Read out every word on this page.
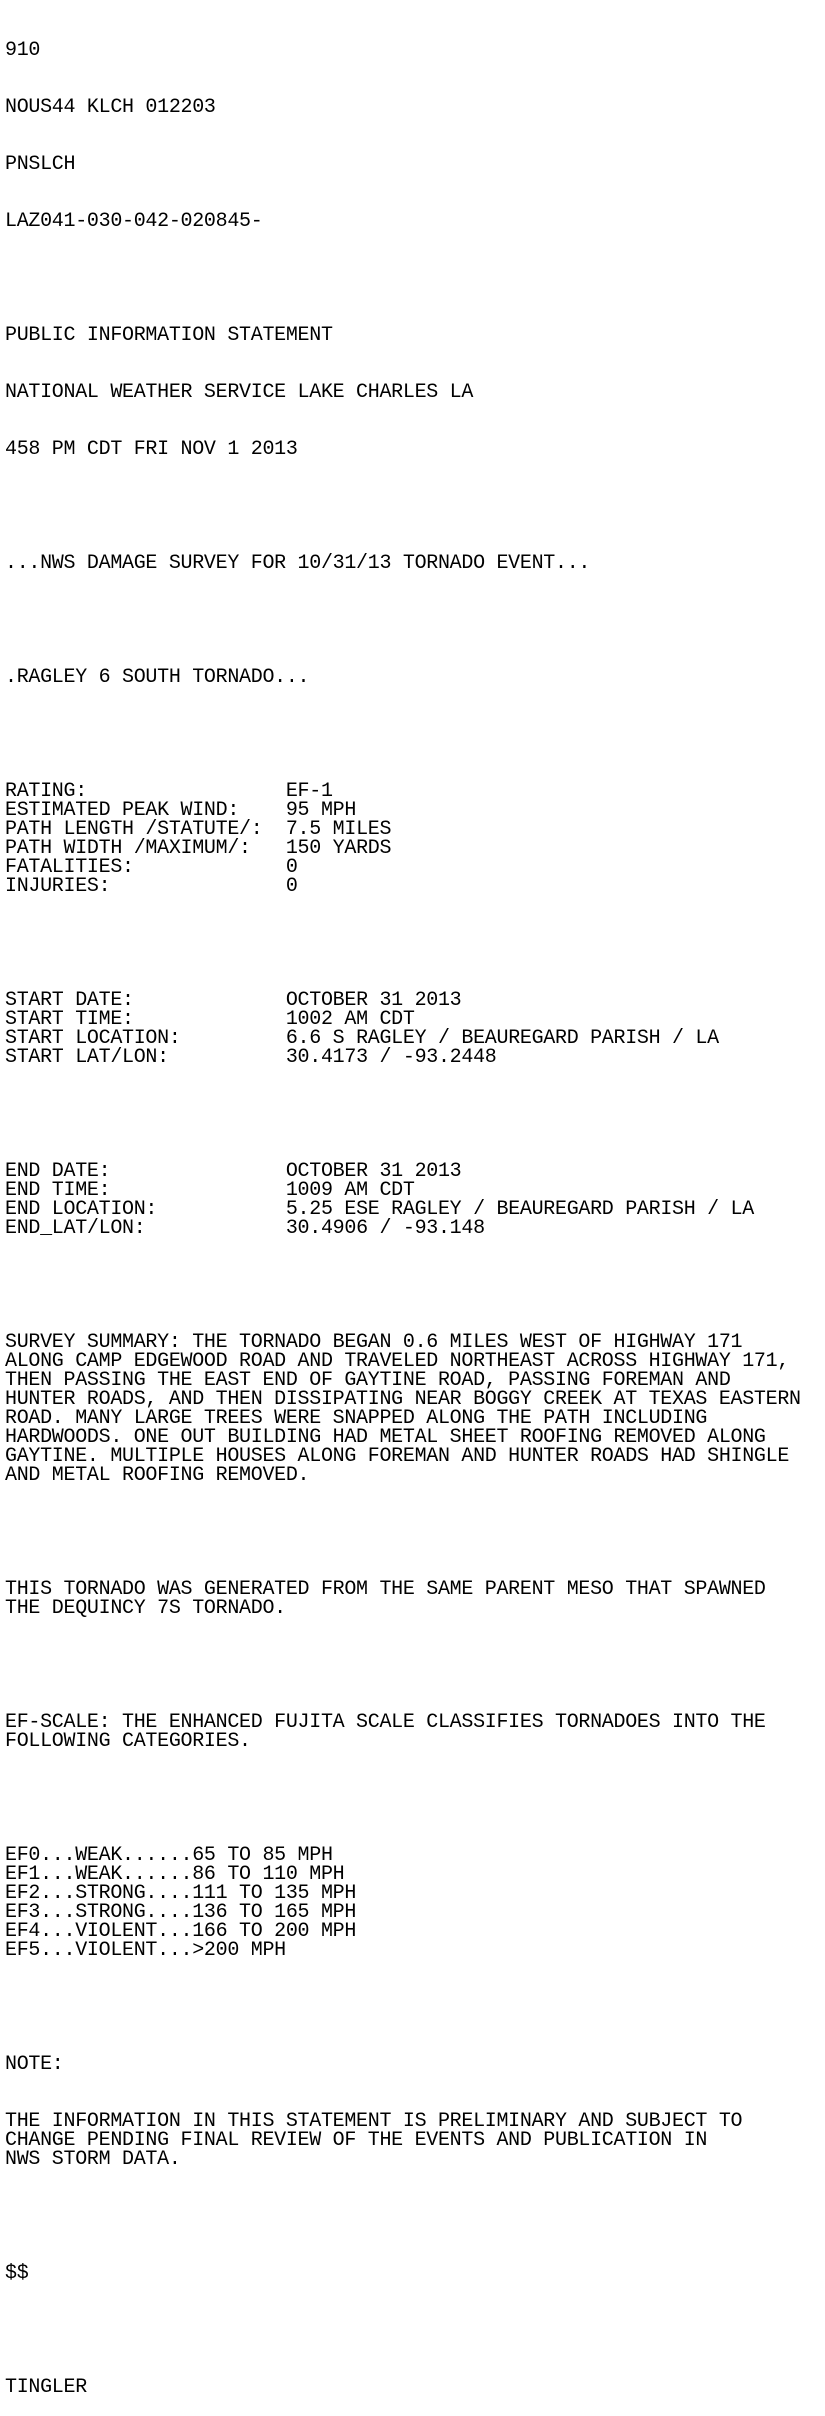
910

NOUS44 KLCH 012203

PNSLCH

LAZ041-030-042-020845-

PUBLIC INFORMATION STATEMENT

NATIONAL WEATHER SERVICE LAKE CHARLES LA

458 PM CDT FRI NOV 1 2013

...NWS DAMAGE SURVEY FOR 10/31/13 TORNADO EVENT...

.RAGLEY 6 SOUTH TORNADO...

RATING:                 EF-1
ESTIMATED PEAK WIND:    95 MPH
PATH LENGTH /STATUTE/:  7.5 MILES
PATH WIDTH /MAXIMUM/:   150 YARDS
FATALITIES:             0
INJURIES:               0

START DATE:             OCTOBER 31 2013
START TIME:             1002 AM CDT
START LOCATION:         6.6 S RAGLEY / BEAUREGARD PARISH / LA
START LAT/LON:          30.4173 / -93.2448

END DATE:               OCTOBER 31 2013
END TIME:               1009 AM CDT
END LOCATION:           5.25 ESE RAGLEY / BEAUREGARD PARISH / LA
END_LAT/LON:            30.4906 / -93.148

SURVEY SUMMARY: THE TORNADO BEGAN 0.6 MILES WEST OF HIGHWAY 171
ALONG CAMP EDGEWOOD ROAD AND TRAVELED NORTHEAST ACROSS HIGHWAY 171,
THEN PASSING THE EAST END OF GAYTINE ROAD, PASSING FOREMAN AND
HUNTER ROADS, AND THEN DISSIPATING NEAR BOGGY CREEK AT TEXAS EASTERN
ROAD. MANY LARGE TREES WERE SNAPPED ALONG THE PATH INCLUDING
HARDWOODS. ONE OUT BUILDING HAD METAL SHEET ROOFING REMOVED ALONG
GAYTINE. MULTIPLE HOUSES ALONG FOREMAN AND HUNTER ROADS HAD SHINGLE
AND METAL ROOFING REMOVED.

THIS TORNADO WAS GENERATED FROM THE SAME PARENT MESO THAT SPAWNED
THE DEQUINCY 7S TORNADO.

EF-SCALE: THE ENHANCED FUJITA SCALE CLASSIFIES TORNADOES INTO THE
FOLLOWING CATEGORIES.

EF0...WEAK......65 TO 85 MPH
EF1...WEAK......86 TO 110 MPH
EF2...STRONG....111 TO 135 MPH
EF3...STRONG....136 TO 165 MPH
EF4...VIOLENT...166 TO 200 MPH
EF5...VIOLENT...>200 MPH

NOTE:

THE INFORMATION IN THIS STATEMENT IS PRELIMINARY AND SUBJECT TO
CHANGE PENDING FINAL REVIEW OF THE EVENTS AND PUBLICATION IN
NWS STORM DATA.

$$

TINGLER
